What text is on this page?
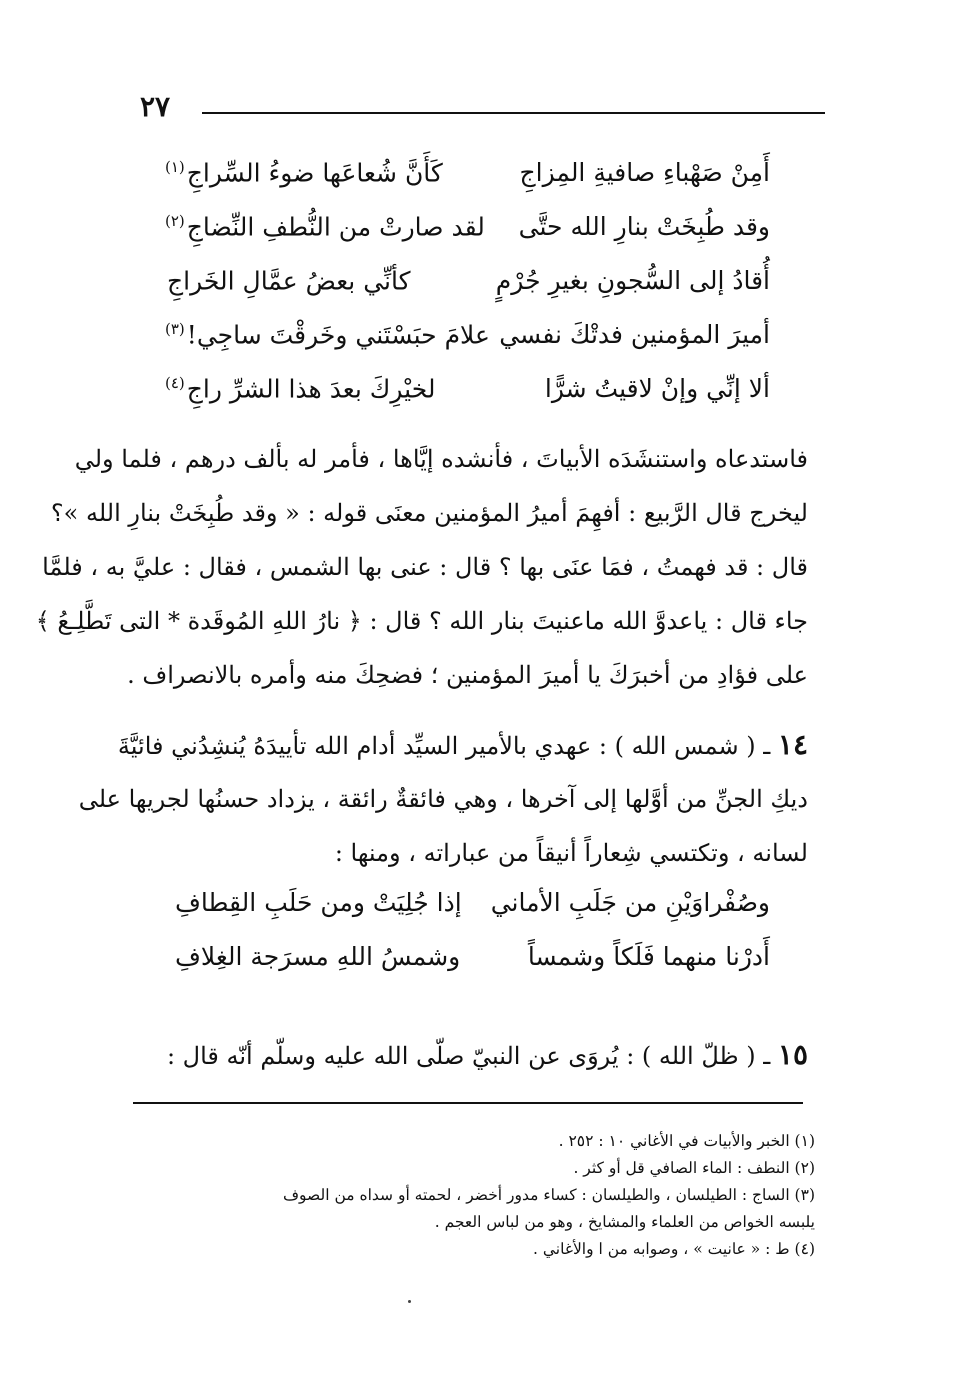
٢٧
أَمِنْ صَهْباءِ صافيةِ المِزاجِ
كَأَنَّ شُعاعَها ضوءُ السِّراجِ$^{(١)}$
وقد طُبِخَتْ بنارِ الله حتَّى
لقد صارتْ من النُّطفِ النِّضاجِ$^{(٢)}$
أُقادُ إلى السُّجونِ بغيرِ جُرْمٍ
كأنِّي بعضُ عمَّالِ الخَراجِ
أميرَ المؤمنين فدتْكَ نفسي
علامَ حبَسْتَني وخَرقْتَ ساجِي!$^{(٣)}$
ألا إنِّي وإنْ لاقيتُ شرًّا
لخيْرِكَ بعدَ هذا الشرِّ راجِ$^{(٤)}$
فاستدعاه واستنشَدَه الأبياتَ ، فأنشده إيَّاها ، فأمر له بألف درهم ، فلما ولي
ليخرج قال الرَّبيع : أفهِمَ أميرُ المؤمنين معنَى قوله : « وقد طُبِخَتْ بنارِ الله »؟
قال : قد فهمتُ ، فمَا عنَى بها ؟ قال : عنى بها الشمس ، فقال : عليَّ به ، فلمَّا
جاء قال : ياعدوَّ الله ماعنيتَ بنار الله ؟ قال : ﴿ نارُ اللهِ المُوقَدة * التى تَطَّلِـعُ ﴾
على فؤادِ من أخبرَكَ يا أميرَ المؤمنين ؛ فضحِكَ منه وأمره بالانصراف .
١٤ ـ ( شمس الله ) : عهدي بالأمير السيِّد أدام الله تأييدَهُ يُنشِدُني فائيَّةَ
ديكِ الجنِّ من أوَّلها إلى آخرها ، وهي فائقةٌ رائقة ، يزداد حسنُها لجريها على
لسانه ، وتكتسي شِعاراً أنيقاً من عباراته ، ومنها :
وصُفْراوَيْنِ من جَلَبِ الأماني
إذا جُلِيَتْ ومن حَلَبِ القِطافِ
أَدرْنا منهما فَلَكاً وشمساً
وشمسُ اللهِ مسرَجة الغِلافِ
١٥ ـ ( ظلّ الله ) : يُروَى عن النبيّ صلّى الله عليه وسلّم أنّه قال :
(١) الخبر والأبيات في الأغاني ١٠ : ٢٥٢ .
(٢) النطف : الماء الصافي قل أو كثر .
(٣) الساج : الطيلسان ، والطيلسان : كساء مدور أخضر ، لحمته أو سداه من الصوف
يلبسه الخواص من العلماء والمشايخ ، وهو من لباس العجم .
(٤) ط : « عانيت » ، وصوابه من ا والأغاني .
